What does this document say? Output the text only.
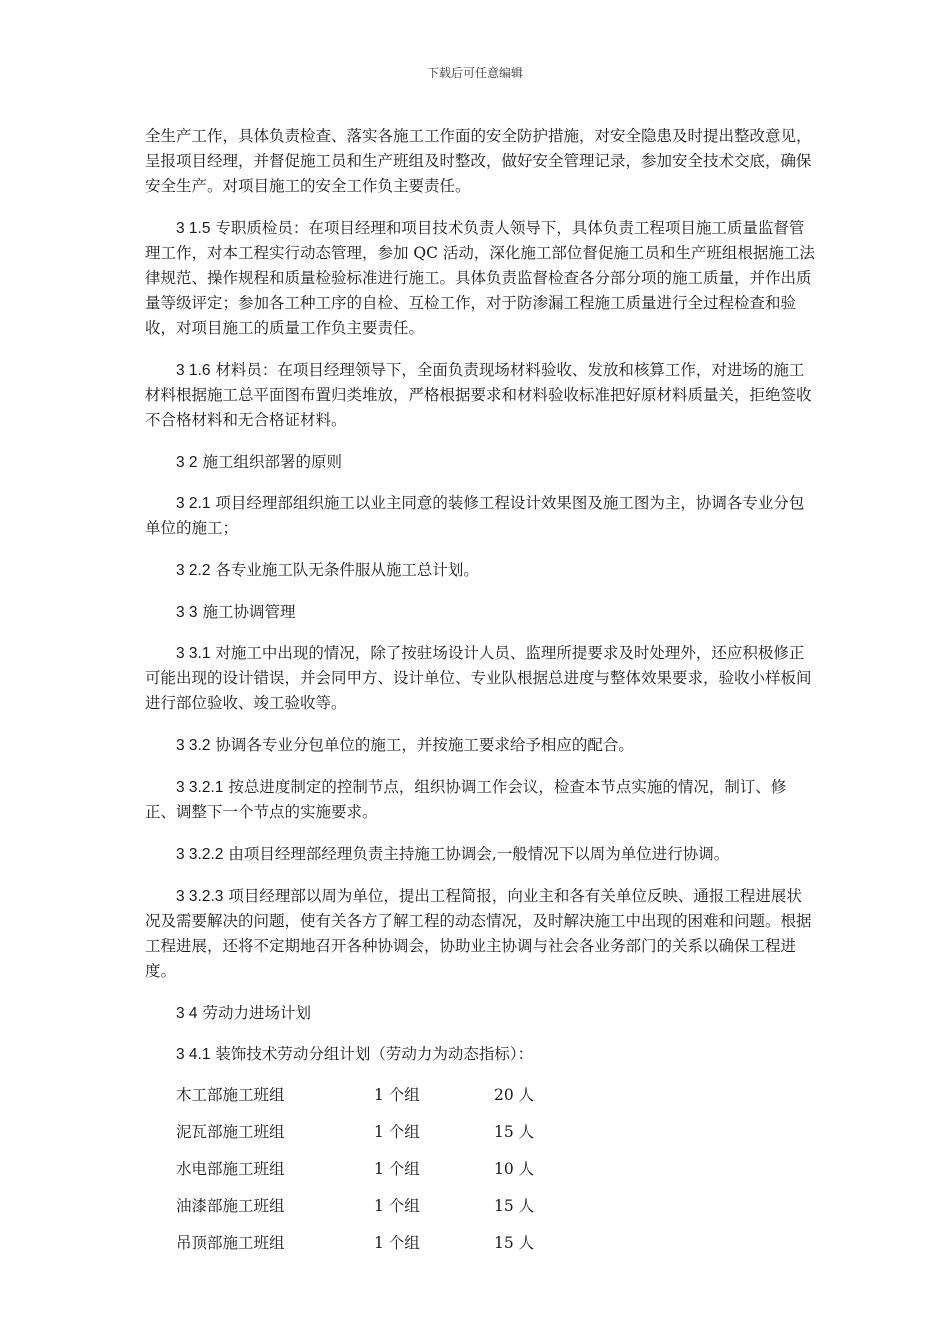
下载后可任意编辑

全生产工作，具体负责检查、落实各施工工作面的安全防护措施，对安全隐患及时提出整改意见，呈报项目经理，并督促施工员和生产班组及时整改，做好安全管理记录，参加安全技术交底，确保安全生产。对项目施工的安全工作负主要责任。

3 1.5 专职质检员：在项目经理和项目技术负责人领导下，具体负责工程项目施工质量监督管理工作，对本工程实行动态管理，参加 QC 活动，深化施工部位督促施工员和生产班组根据施工法律规范、操作规程和质量检验标准进行施工。具体负责监督检查各分部分项的施工质量，并作出质量等级评定；参加各工种工序的自检、互检工作，对于防渗漏工程施工质量进行全过程检查和验收，对项目施工的质量工作负主要责任。

3 1.6 材料员：在项目经理领导下，全面负责现场材料验收、发放和核算工作，对进场的施工材料根据施工总平面图布置归类堆放，严格根据要求和材料验收标准把好原材料质量关，拒绝签收不合格材料和无合格证材料。

3 2 施工组织部署的原则

3 2.1 项目经理部组织施工以业主同意的装修工程设计效果图及施工图为主，协调各专业分包单位的施工；

3 2.2 各专业施工队无条件服从施工总计划。

3 3 施工协调管理

3 3.1 对施工中出现的情况，除了按驻场设计人员、监理所提要求及时处理外，还应积极修正可能出现的设计错误，并会同甲方、设计单位、专业队根据总进度与整体效果要求，验收小样板间进行部位验收、竣工验收等。

3 3.2 协调各专业分包单位的施工，并按施工要求给予相应的配合。

3 3.2.1 按总进度制定的控制节点，组织协调工作会议，检查本节点实施的情况，制订、修正、调整下一个节点的实施要求。

3 3.2.2 由项目经理部经理负责主持施工协调会,一般情况下以周为单位进行协调。

3 3.2.3 项目经理部以周为单位，提出工程简报，向业主和各有关单位反映、通报工程进展状况及需要解决的问题，使有关各方了解工程的动态情况，及时解决施工中出现的困难和问题。根据工程进展，还将不定期地召开各种协调会，协助业主协调与社会各业务部门的关系以确保工程进度。

3 4 劳动力进场计划

3 4.1 装饰技术劳动分组计划（劳动力为动态指标）：

木工部施工班组	1 个组	20 人
泥瓦部施工班组	1 个组	15 人
水电部施工班组	1 个组	10 人
油漆部施工班组	1 个组	15 人
吊顶部施工班组	1 个组	15 人
